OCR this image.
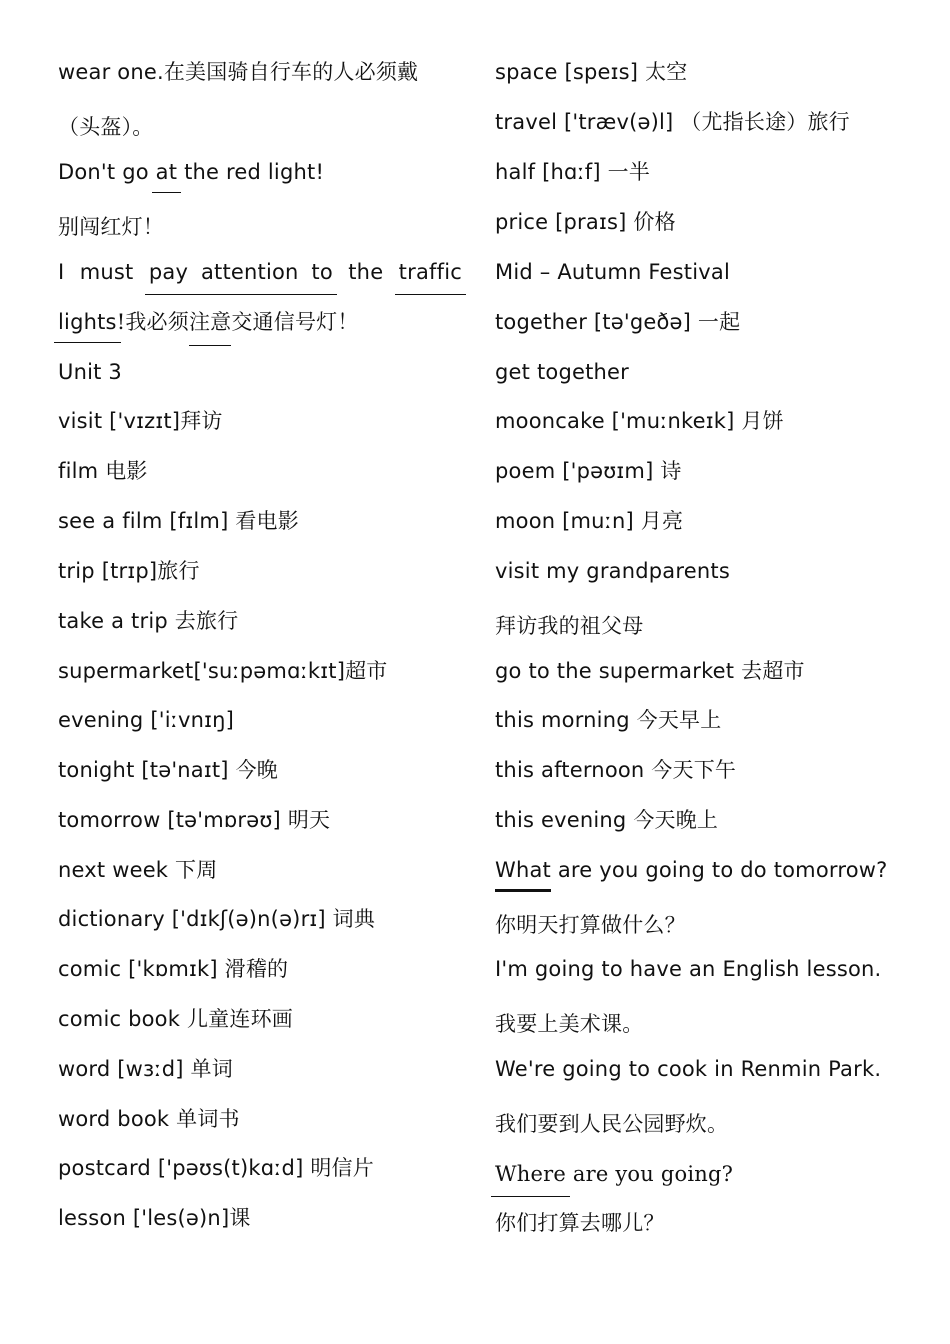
wear one.在美国骑自行车的人必须戴
（头盔）。
Don't go at the red light!
别闯红灯！
I must pay attention to the traffic
lights!我必须注意交通信号灯！
Unit 3
visit ['vɪzɪt]拜访
film 电影
see a film [fɪlm] 看电影
trip [trɪp]旅行
take a trip 去旅行
supermarket['suːpəmɑːkɪt]超市
evening ['iːvnɪŋ]
tonight [tə'naɪt] 今晚
tomorrow [tə'mɒrəʊ] 明天
next week 下周
dictionary ['dɪkʃ(ə)n(ə)rɪ] 词典
comic ['kɒmɪk] 滑稽的
comic book 儿童连环画
word [wɜːd] 单词
word book 单词书
postcard ['pəʊs(t)kɑːd] 明信片
lesson ['les(ə)n]课
space [speɪs] 太空
travel ['træv(ə)l] （尤指长途）旅行
half [hɑːf] 一半
price [praɪs] 价格
Mid – Autumn Festival
together [tə'geðə] 一起
get together
mooncake ['muːnkeɪk] 月饼
poem ['pəʊɪm] 诗
moon [muːn] 月亮
visit my grandparents
拜访我的祖父母
go to the supermarket 去超市
this morning 今天早上
this afternoon 今天下午
this evening 今天晚上
What are you going to do tomorrow?
你明天打算做什么？
I'm going to have an English lesson.
我要上美术课。
We're going to cook in Renmin Park.
我们要到人民公园野炊。
Where are you going?
你们打算去哪儿？
